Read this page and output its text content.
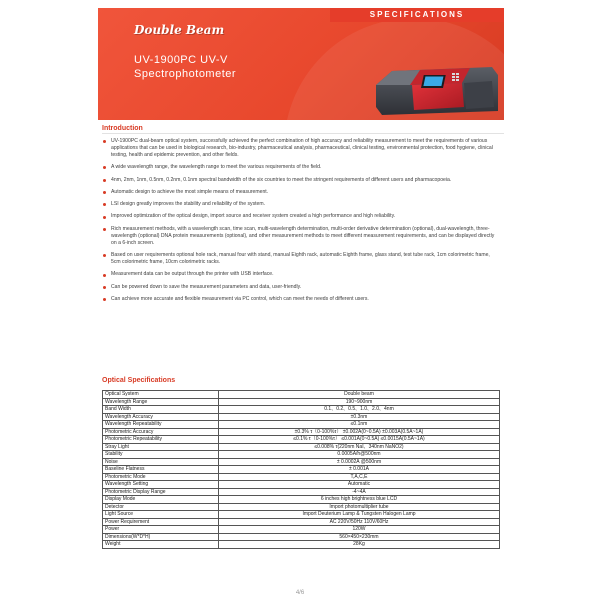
SPECIFICATIONS
Double Beam
UV-1900PC UV-V
Spectrophotometer
Introduction
UV-1900PC dual-beam optical system, successfully achieved the perfect combination of high accuracy and reliability measurement to meet the requirements of various applications that can be used in biological research, bio-industry, pharmaceutical analysis, pharmaceutical, clinical testing, environmental protection, food hygiene, clinical testing, health and epidemic prevention, and other fields.
A wide wavelength range, the wavelength range to meet the various requirements of the field.
4nm, 2nm, 1nm, 0.5nm, 0.2nm, 0.1nm spectral bandwidth of the six countries to meet the stringent requirements of different users and pharmacopoeia.
Automatic design to achieve the most simple means of measurement.
LSI design greatly improves the stability and reliability of the system.
Improved optimization of the optical design, import source and receiver system created a high performance and high reliability.
Rich measurement methods, with a wavelength scan, time scan, multi-wavelength determination, multi-order derivative determination (optional), dual-wavelength, three- wavelength (optional) DNA protein measurements (optional), and other measurement methods to meet different measurement requirements, and can be displayed directly on a 6-inch screen.
Based on user requirements optional hole rack, manual four with stand, manual Eighth rack, automatic Eighth frame, glass stand, test tube rack, 1cm colorimetric frame, 5cm colorimetric frame, 10cm colorimetric racks.
Measurement data can be output through the printer with USB interface.
Can be powered down to save the measurement parameters and data, user-friendly.
Can achieve more accurate and flexible measurement via PC control, which can meet the needs of different users.
Optical Specifications
Optical System	Double beam
Wavelength Range	190~900nm
Band Width	0.1、0.2、0.5、1.0、2.0、4nm
Wavelength Accuracy	±0.3nm
Wavelength Repeatability	≤0.1nm
Photometric Accuracy	±0.3% τ（0-100%τ） ±0.002A(0~0.5A) ±0.003A(0.5A~1A)
Photometric Repeatability	≤0.1% τ（0-100%τ） ≤0.001A(0~0.5A) ≤0.0015A(0.5A~1A)
Stray Light	≤0.008% τ(220nm NaI、340nm NaNO2)
Stability	0.0005A/h@500nm
Noise	± 0.0002A @500nm
Baseline Flatness	± 0.001A
Photometric Mode	T,A,C,E
Wavelength Setting	Automatic
Photometric Display Range	-4~4A
Display Mode	6 inches high brightness blue LCD
Detector	Import photomultiplier tube
Light Source	Import Deuterium Lamp & Tungsten Halogen Lamp
Power Requirement	AC 220V/50Hz 110V/60Hz
Power	120W
Dimensions(W*D*H)	560×450×230mm
Weight	28Kg
4/6
